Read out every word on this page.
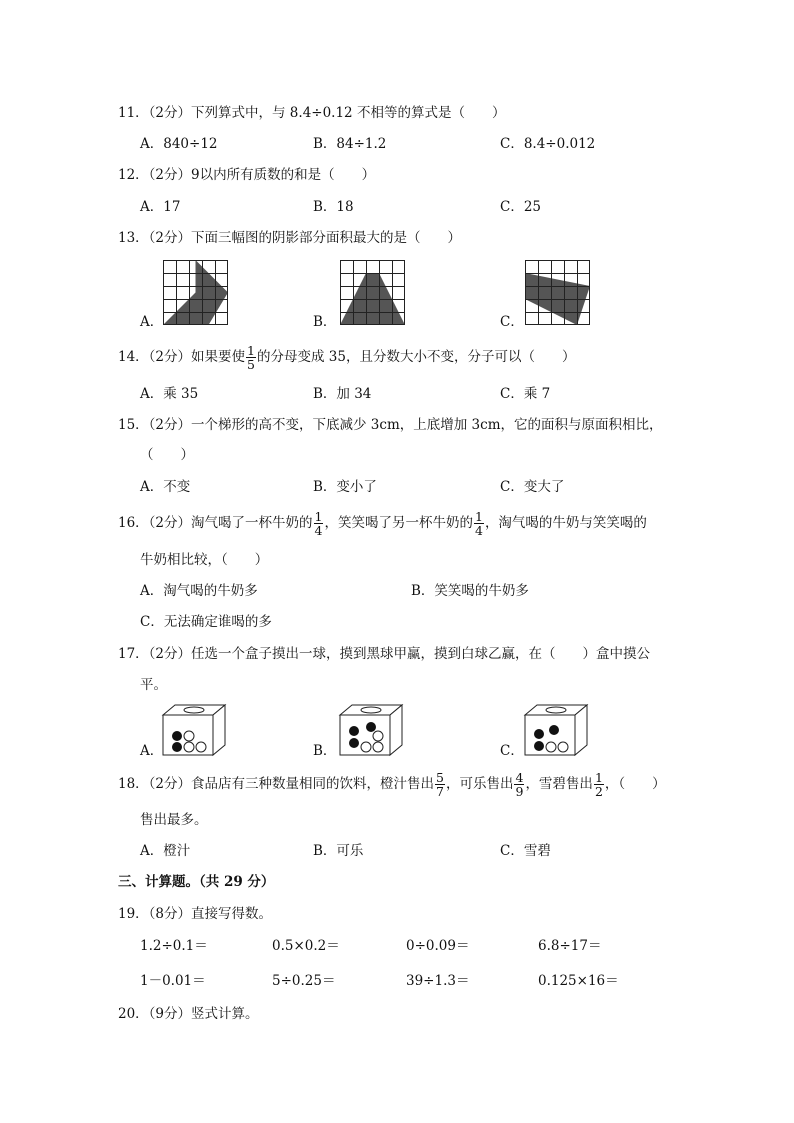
11．（2分）下列算式中，与 8.4÷0.12 不相等的算式是（　　）
A．840÷12	B．84÷1.2	C．8.4÷0.012
12．（2分）9以内所有质数的和是（　　）
A．17	B．18	C．25
13．（2分）下面三幅图的阴影部分面积最大的是（　　）
A．	B．	C．
14．（2分）如果要使 $\frac{1}{5}$ 的分母变成 35，且分数大小不变，分子可以（　　）
A．乘 35	B．加 34	C．乘 7
15．（2分）一个梯形的高不变，下底减少 3cm，上底增加 3cm，它的面积与原面积相比，
（　　）
A．不变	B．变小了	C．变大了
16．（2分）淘气喝了一杯牛奶的 $\frac{1}{4}$ ，笑笑喝了另一杯牛奶的 $\frac{1}{4}$ ，淘气喝的牛奶与笑笑喝的
牛奶相比较，（　　）
A．淘气喝的牛奶多	B．笑笑喝的牛奶多
C．无法确定谁喝的多
17．（2分）任选一个盒子摸出一球，摸到黑球甲赢，摸到白球乙赢，在（　　）盒中摸公
平。
A．	B．	C．
18．（2分）食品店有三种数量相同的饮料，橙汁售出 $\frac{5}{7}$ ，可乐售出 $\frac{4}{9}$ ，雪碧售出 $\frac{1}{2}$ ，（　　）
售出最多。
A．橙汁	B．可乐	C．雪碧
三、计算题。（共 29 分）
19．（8分）直接写得数。
1.2÷0.1＝	0.5×0.2＝	0÷0.09＝	6.8÷17＝
1－0.01＝	5÷0.25＝	39÷1.3＝	0.125×16＝
20．（9分）竖式计算。
